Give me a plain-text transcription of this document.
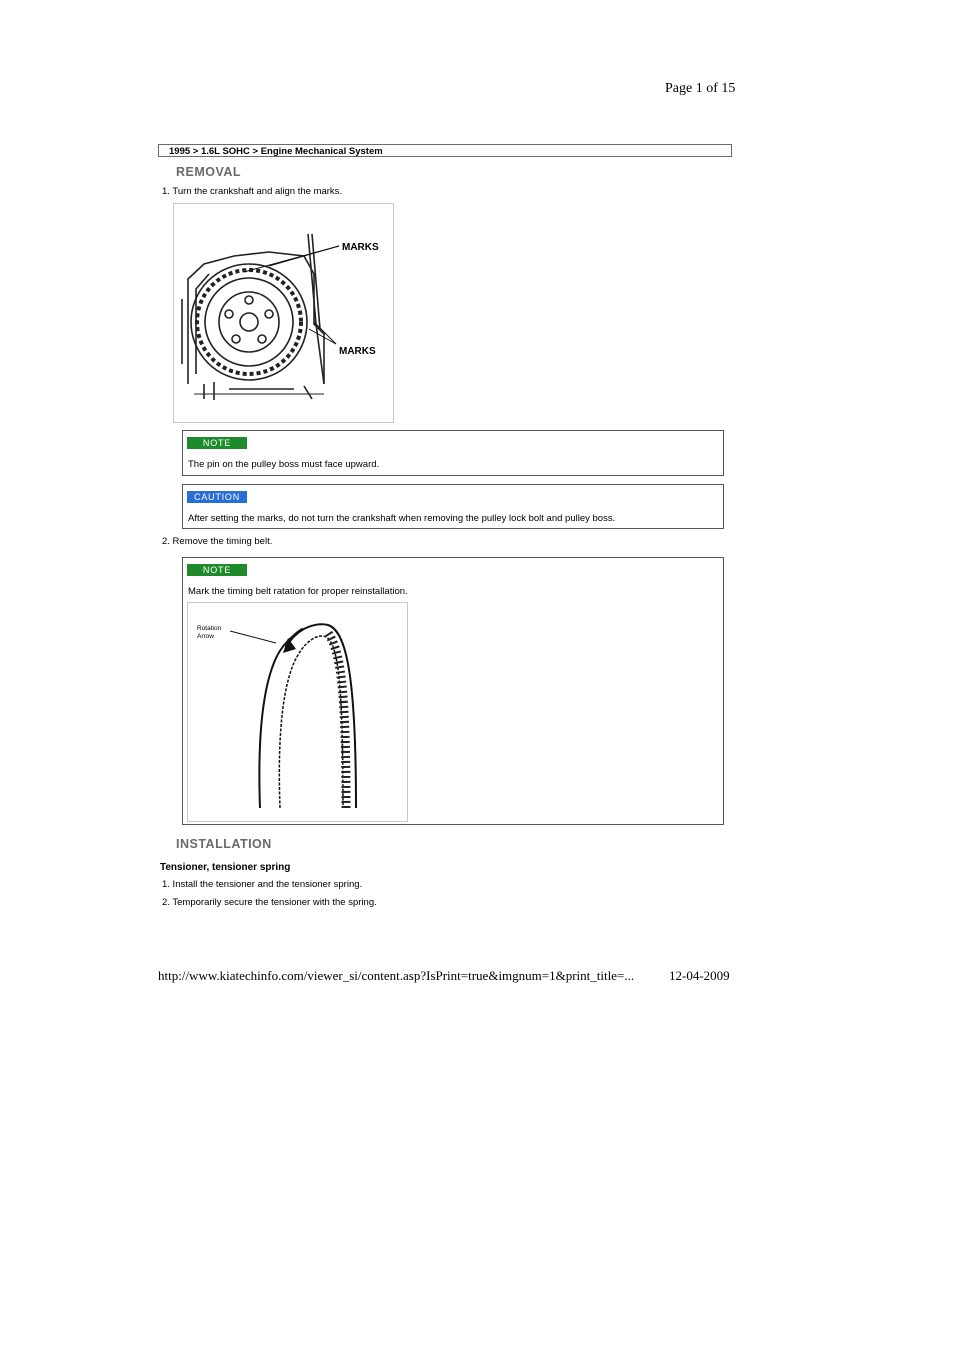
Page 1 of 15
1995 > 1.6L SOHC > Engine Mechanical System
REMOVAL
1. Turn the crankshaft and align the marks.
MARKS
MARKS
NOTE
The pin on the pulley boss must face upward.
CAUTION
After setting the marks, do not turn the crankshaft when removing the pulley lock bolt and pulley boss.
2. Remove the timing belt.
NOTE
Mark the timing belt ratation for proper reinstallation.
Rotation
Arrow
INSTALLATION
Tensioner, tensioner spring
1. Install the tensioner and the tensioner spring.
2. Temporarily secure the tensioner with the spring.
http://www.kiatechinfo.com/viewer_si/content.asp?IsPrint=true&imgnum=1&print_title=...	12-04-2009
